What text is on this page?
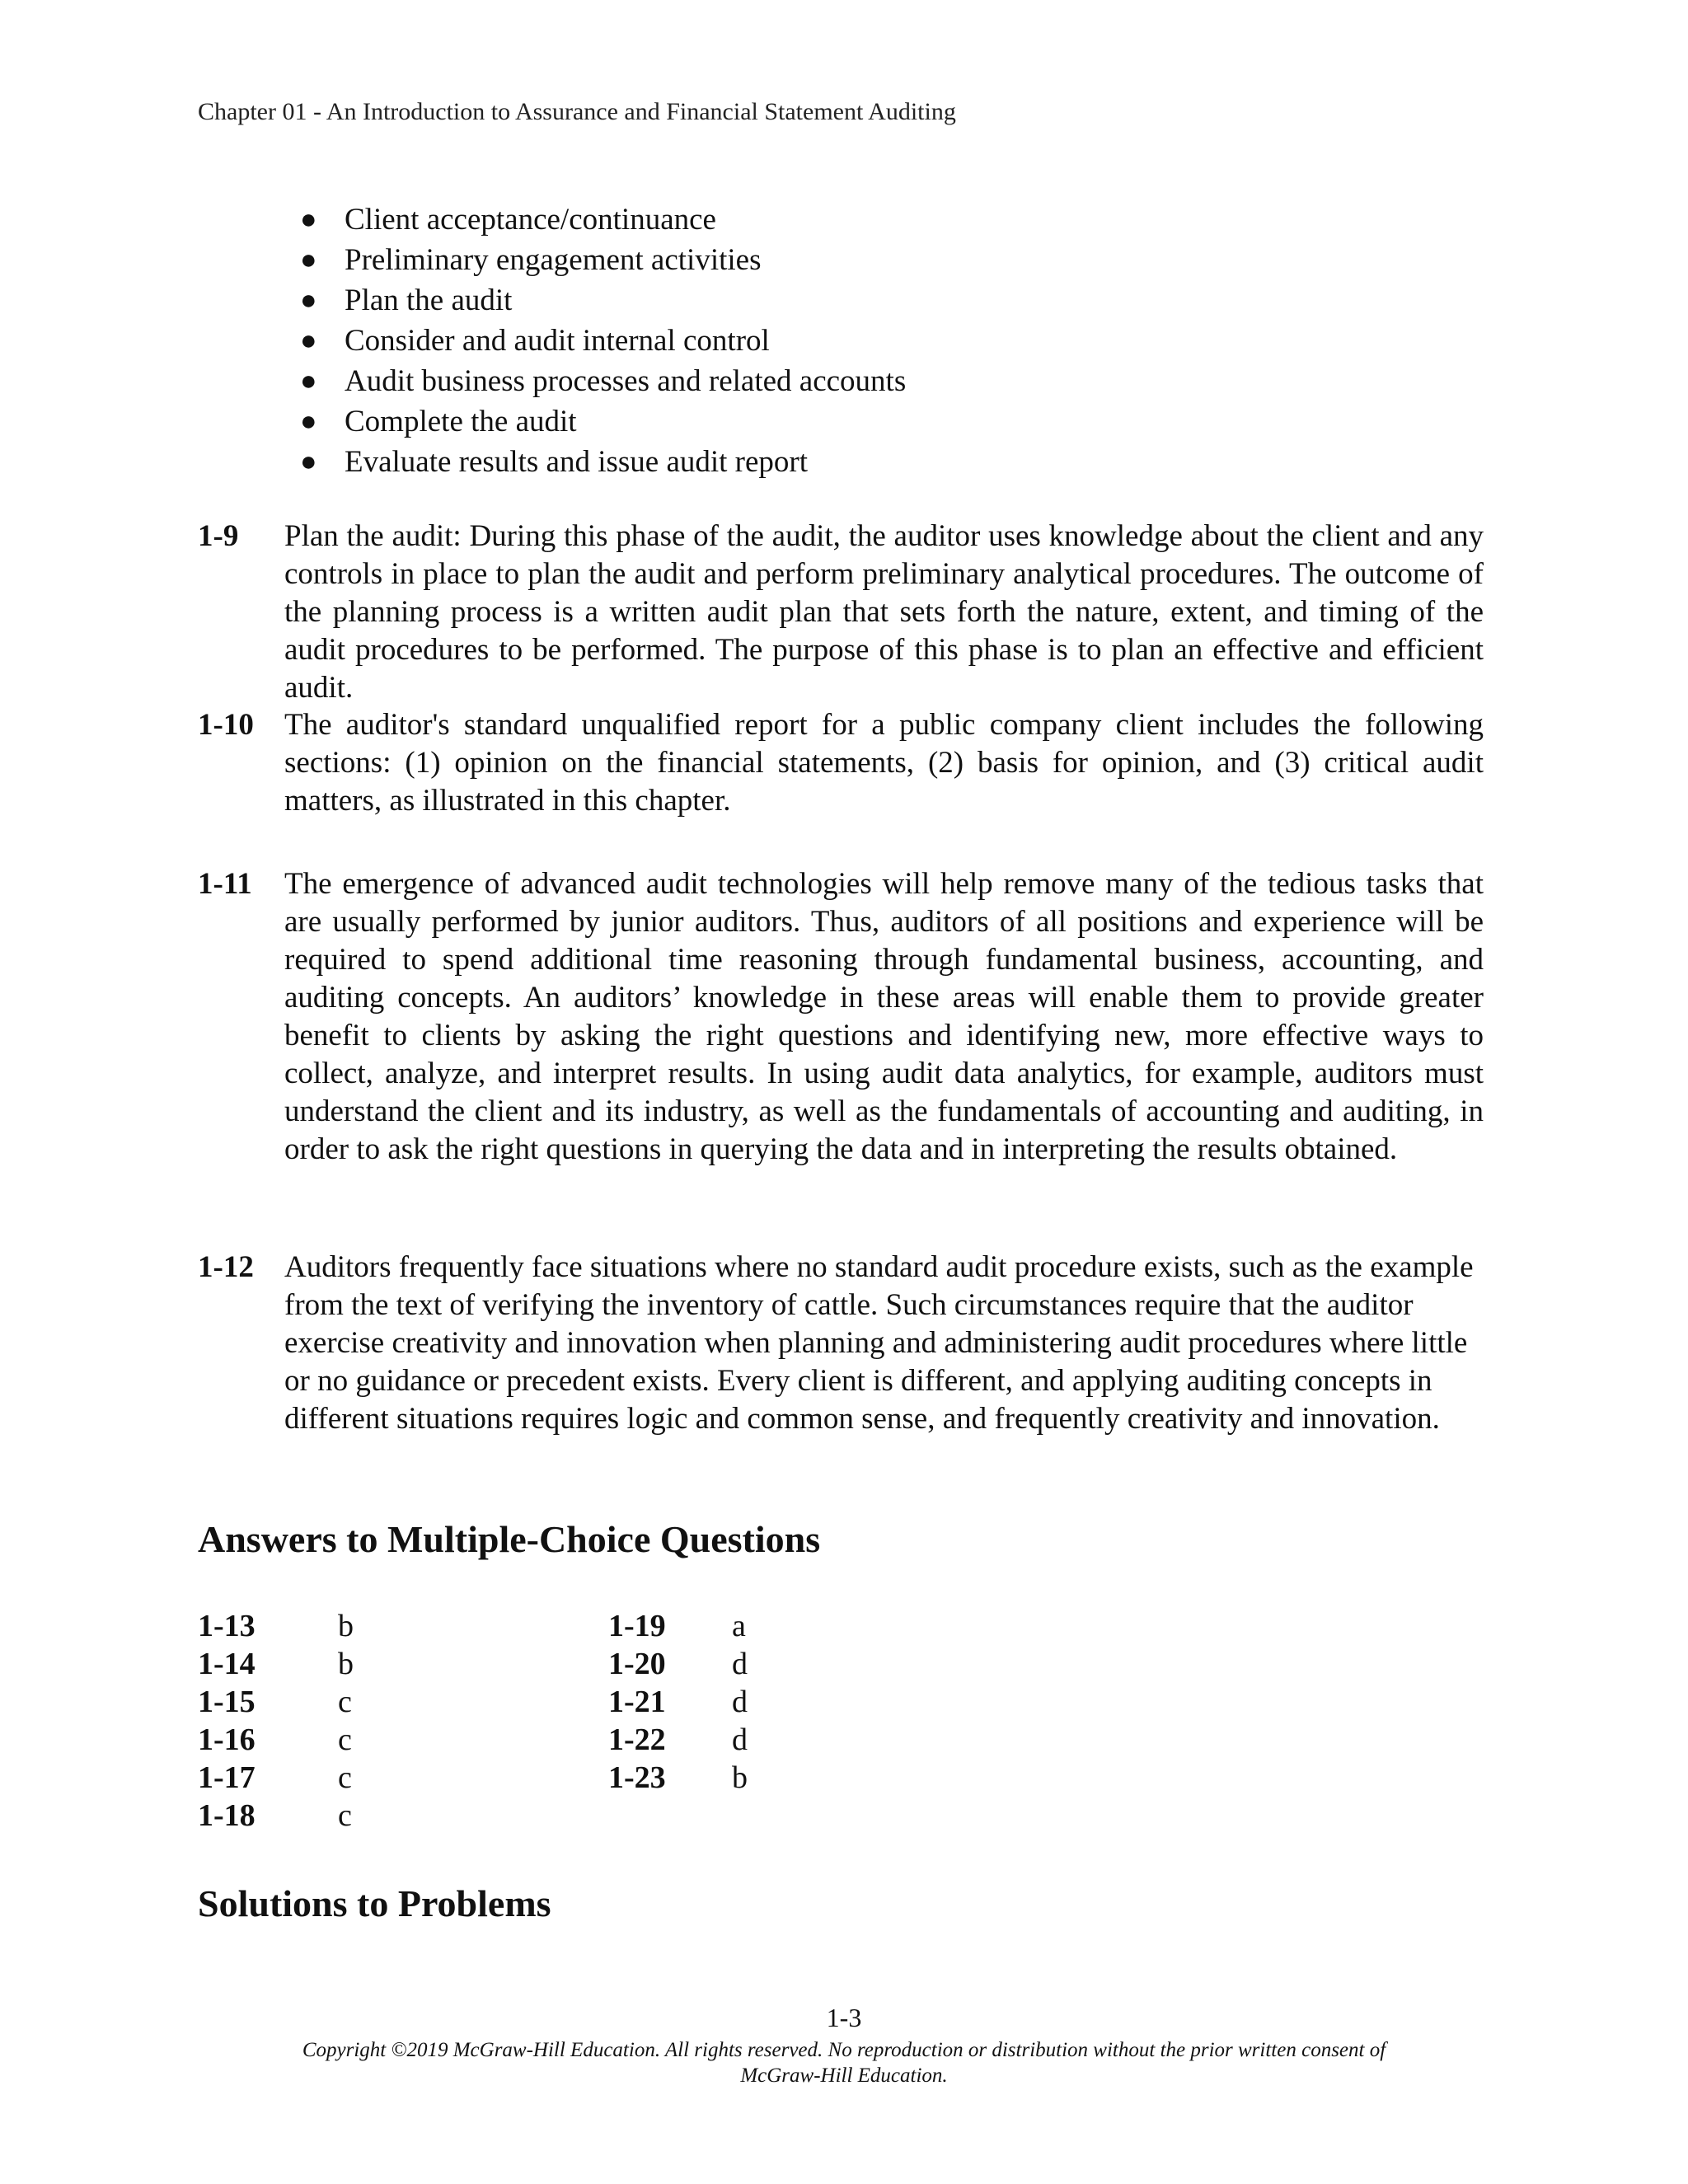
Chapter 01 - An Introduction to Assurance and Financial Statement Auditing
● Client acceptance/continuance
● Preliminary engagement activities
● Plan the audit
● Consider and audit internal control
● Audit business processes and related accounts
● Complete the audit
● Evaluate results and issue audit report
1-9 Plan the audit: During this phase of the audit, the auditor uses knowledge about the client and any controls in place to plan the audit and perform preliminary analytical procedures. The outcome of the planning process is a written audit plan that sets forth the nature, extent, and timing of the audit procedures to be performed. The purpose of this phase is to plan an effective and efficient audit.
1-10 The auditor's standard unqualified report for a public company client includes the following sections: (1) opinion on the financial statements, (2) basis for opinion, and (3) critical audit matters, as illustrated in this chapter.
1-11 The emergence of advanced audit technologies will help remove many of the tedious tasks that are usually performed by junior auditors. Thus, auditors of all positions and experience will be required to spend additional time reasoning through fundamental business, accounting, and auditing concepts. An auditors’ knowledge in these areas will enable them to provide greater benefit to clients by asking the right questions and identifying new, more effective ways to collect, analyze, and interpret results. In using audit data analytics, for example, auditors must understand the client and its industry, as well as the fundamentals of accounting and auditing, in order to ask the right questions in querying the data and in interpreting the results obtained.
1-12 Auditors frequently face situations where no standard audit procedure exists, such as the example from the text of verifying the inventory of cattle. Such circumstances require that the auditor exercise creativity and innovation when planning and administering audit procedures where little or no guidance or precedent exists. Every client is different, and applying auditing concepts in different situations requires logic and common sense, and frequently creativity and innovation.
Answers to Multiple-Choice Questions
1-13	b
1-14	b
1-15	c
1-16	c
1-17	c
1-18	c
1-19 a
1-20 d
1-21 d
1-22 d
1-23 b
Solutions to Problems
1-3
Copyright ©2019 McGraw-Hill Education. All rights reserved. No reproduction or distribution without the prior written consent of
McGraw-Hill Education.
